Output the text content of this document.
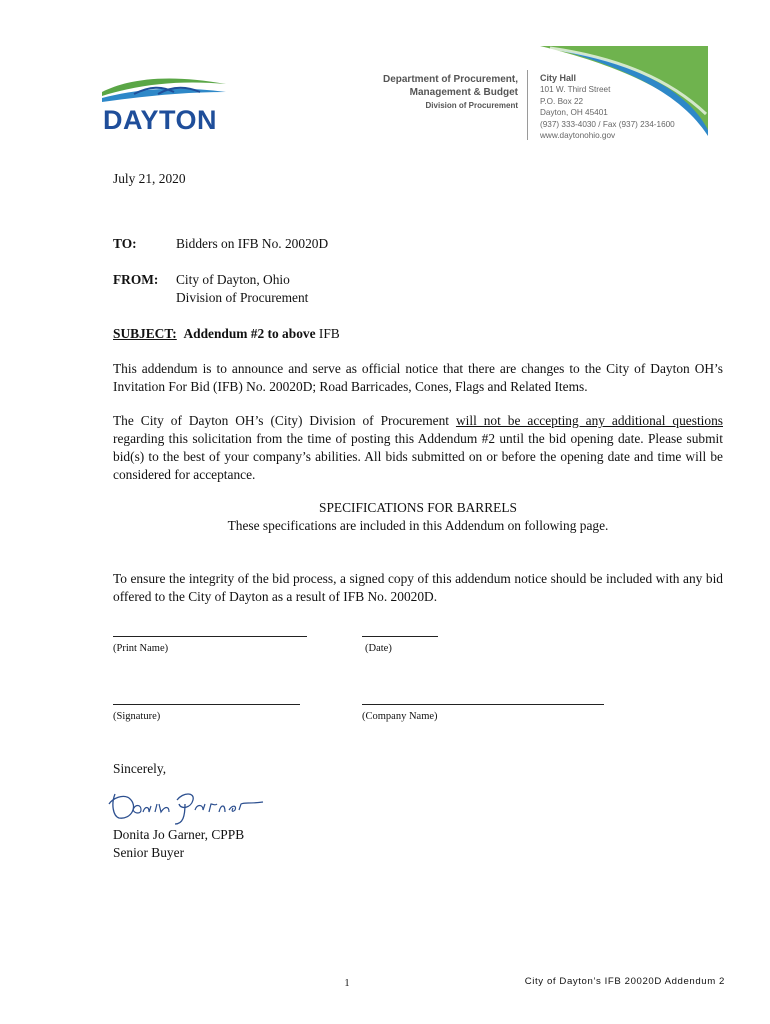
DAYTON
Department of Procurement,
Management & Budget
Division of Procurement
City Hall
101 W. Third Street
P.O. Box 22
Dayton, OH 45401
(937) 333-4030 / Fax (937) 234-1600
www.daytonohio.gov
July 21, 2020
TO:	Bidders on IFB No. 20020D
FROM: City of Dayton, Ohio
Division of Procurement
SUBJECT: Addendum #2 to above IFB
This addendum is to announce and serve as official notice that there are changes to the City of Dayton OH’s Invitation For Bid (IFB) No. 20020D; Road Barricades, Cones, Flags and Related Items.
The City of Dayton OH’s (City) Division of Procurement will not be accepting any additional questions regarding this solicitation from the time of posting this Addendum #2 until the bid opening date. Please submit bid(s) to the best of your company’s abilities. All bids submitted on or before the opening date and time will be considered for acceptance.
SPECIFICATIONS FOR BARRELS
These specifications are included in this Addendum on following page.
To ensure the integrity of the bid process, a signed copy of this addendum notice should be included with any bid offered to the City of Dayton as a result of IFB No. 20020D.
(Print Name)	(Date)
(Signature)	(Company Name)
Sincerely,
Donita Jo Garner, CPPB
Senior Buyer
1	City of Dayton’s IFB 20020D Addendum 2
